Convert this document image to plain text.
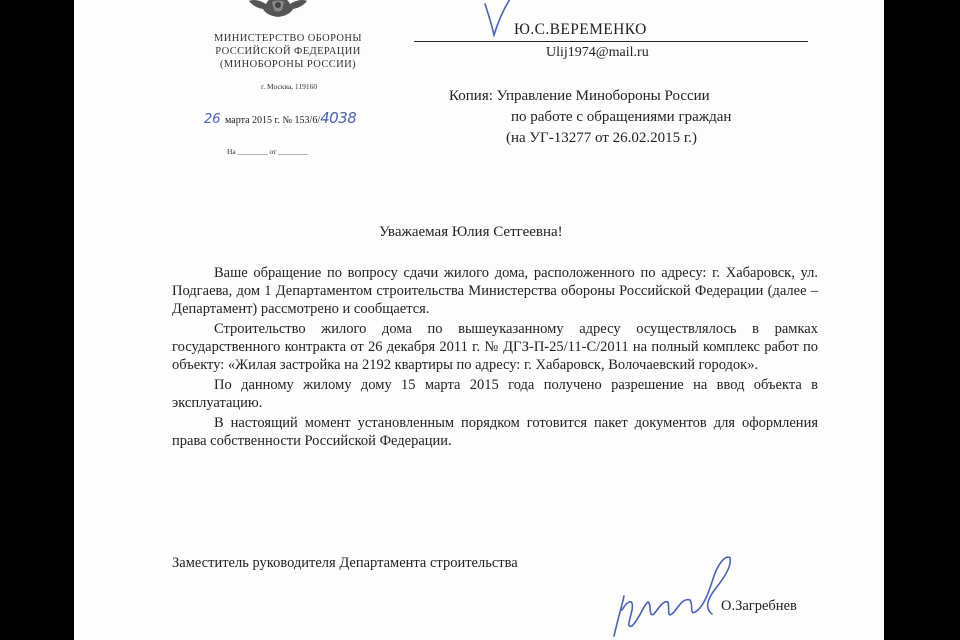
МИНИСТЕРСТВО ОБОРОНЫ
РОССИЙСКОЙ ФЕДЕРАЦИИ
(МИНОБОРОНЫ РОССИИ)
г. Москва, 119160
26 марта 2015 г. № 153/6/4038
На ________ от ________
Ю.С.ВЕРЕМЕНКО
Ulij1974@mail.ru
Копия: Управление Минобороны России
по работе с обращениями граждан
(на УГ-13277 от 26.02.2015 г.)
Уважаемая Юлия Сетгеевна!

Ваше обращение по вопросу сдачи жилого дома, расположенного по адресу: г. Хабаровск, ул. Подгаева, дом 1 Департаментом строительства Министерства обороны Российской Федерации (далее – Департамент) рассмотрено и сообщается.

Строительство жилого дома по вышеуказанному адресу осуществлялось в рамках государственного контракта от 26 декабря 2011 г. № ДГЗ-П-25/11-С/2011 на полный комплекс работ по объекту: «Жилая застройка на 2192 квартиры по адресу: г. Хабаровск, Волочаевский городок».

По данному жилому дому 15 марта 2015 года получено разрешение на ввод объекта в эксплуатацию.

В настоящий момент установленным порядком готовится пакет документов для оформления права собственности Российской Федерации.

Заместитель руководителя Департамента строительства
О.Загребнев
